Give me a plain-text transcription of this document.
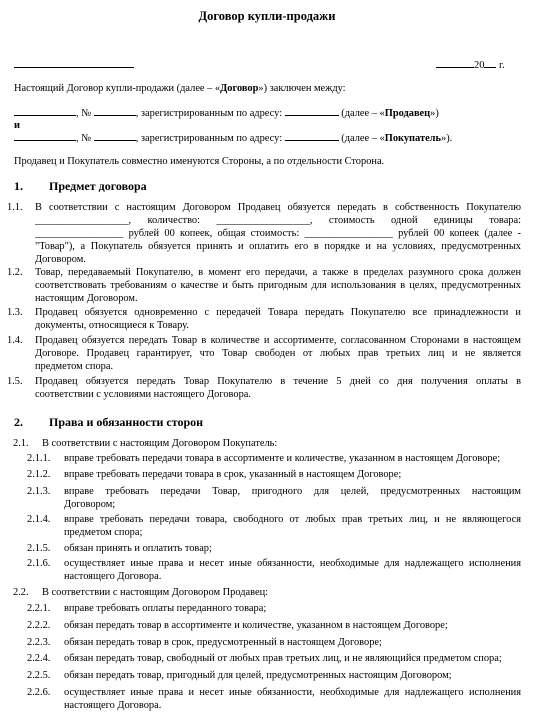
Договор купли-продажи
20 г.
Настоящий Договор купли-продажи (далее – «Договор») заключен между:
, №	, зарегистрированным по адресу:	(далее – «Продавец»)
и
, №	, зарегистрированным по адресу:	(далее – «Покупатель»).
Продавец и Покупатель совместно именуются Стороны, а по отдельности Сторона.
1. Предмет договора
1.1. В соответствии с настоящим Договором Продавец обязуется передать в собственность Покупателю
__________________, количество: __________________, стоимость одной единицы товара:
_________________ рублей 00 копеек, общая стоимость: _________________ рублей 00 копеек (далее -
"Товар"), а Покупатель обязуется принять и оплатить его в порядке и на условиях, предусмотренных
Договором.
1.2. Товар, передаваемый Покупателю, в момент его передачи, а также в пределах разумного срока должен
соответствовать требованиям о качестве и быть пригодным для использования в целях, предусмотренных
настоящим Договором.
1.3. Продавец обязуется одновременно с передачей Товара передать Покупателю все принадлежности и
документы, относящиеся к Товару.
1.4. Продавец обязуется передать Товар в количестве и ассортименте, согласованном Сторонами в настоящем
Договоре. Продавец гарантирует, что Товар свободен от любых прав третьих лиц и не является
предметом спора.
1.5. Продавец обязуется передать Товар Покупателю в течение 5 дней со дня получения оплаты в
соответствии с условиями настоящего Договора.
2. Права и обязанности сторон
2.1. В соответствии с настоящим Договором Покупатель:
2.1.1. вправе требовать передачи товара в ассортименте и количестве, указанном в настоящем Договоре;
2.1.2. вправе требовать передачи товара в срок, указанный в настоящем Договоре;
2.1.3. вправе требовать передачи Товар, пригодного для целей, предусмотренных настоящим
Договором;
2.1.4. вправе требовать передачи товара, свободного от любых прав третьих лиц, и не являющегося
предметом спора;
2.1.5. обязан принять и оплатить товар;
2.1.6. осуществляет иные права и несет иные обязанности, необходимые для надлежащего исполнения
настоящего Договора.
2.2. В соответствии с настоящим Договором Продавец:
2.2.1. вправе требовать оплаты переданного товара;
2.2.2. обязан передать товар в ассортименте и количестве, указанном в настоящем Договоре;
2.2.3. обязан передать товар в срок, предусмотренный в настоящем Договоре;
2.2.4. обязан передать товар, свободный от любых прав третьих лиц, и не являющийся предметом спора;
2.2.5. обязан передать товар, пригодный для целей, предусмотренных настоящим Договором;
2.2.6. осуществляет иные права и несет иные обязанности, необходимые для надлежащего исполнения
настоящего Договора.
